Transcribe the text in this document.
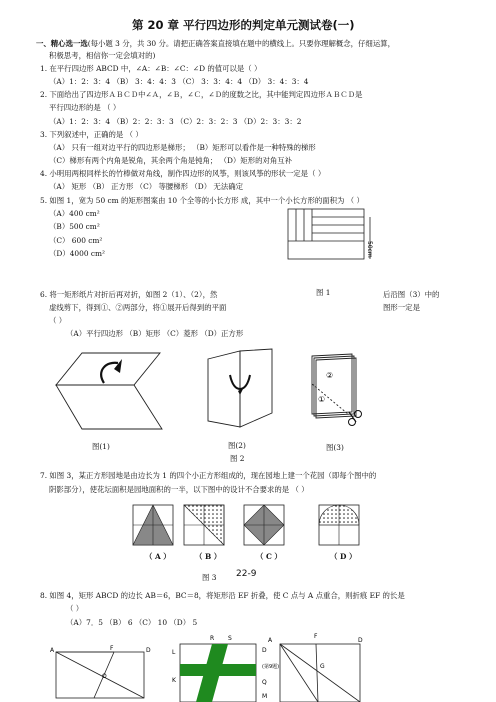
第 20 章 平行四边形的判定单元测试卷(一)
一、精心选一选(每小题 3 分，共 30 分。请把正确答案直接填在题中的横线上。只要你理解概念，仔细运算，
积极思考，相信你一定会填对的)
1. 在平行四边形 ABCD 中，∠A：∠B：∠C：∠D 的值可以是（ ）
（A）1：2：3：4 （B） 3：4：4：3 （C） 3：3：4：4 （D） 3：4：3：4
2. 下面给出了四边形ＡＢＣＤ中∠Ａ，∠Ｂ，∠Ｃ，∠Ｄ的度数之比，其中能判定四边形ＡＢＣＤ是
平行四边形的是 （ ）
（A）1：2：3：4 （B）2：2：3：3 （C）2：3：2：3 （D）2：3：3：2
3. 下列叙述中，正确的是 （ ）
（A） 只有一组对边平行的四边形是梯形； （B）矩形可以看作是一种特殊的梯形
（C）梯形有两个内角是锐角，其余两个角是钝角； （D）矩形的对角互补
4. 小明用两根同样长的竹棒做对角线，制作四边形的风筝，则该风筝的形状一定是（ ）
（A） 矩形 （B） 正方形 （C） 等腰梯形 （D） 无法确定
5. 如图 1，宽为 50 cm 的矩形图案由 10 个全等的小长方形 成，其中一个小长方形的面积为 （ ）
（A）400 cm²
（B）500 cm²
（C） 600 cm²
（D）4000 cm²	50cm
图 1
6. 将一矩形纸片对折后再对折，如图 2（1）、（2），然
虚线剪下，得到①、②两部分，将①展开后得到的平面
（ ）
后沿图（3）中的
图形一定是
（A）平行四边形 （B）矩形 （C）菱形 （D）正方形
图(1)	图(2)
②
①
图(3)
图 2
7. 如图 3，某正方形园地是由边长为 1 的四个小正方形组成的，现在园地上建一个花园（即每个图中的
阴影部分），使花坛面积是园地面积的一半，以下图中的设计不合要求的是 （ ）
（ A ）	（ B ）	（ C ）	（ D ）
图 3 22-9
8. 如图 4，矩形 ABCD 的边长 AB＝6，BC＝8，将矩形沿 EF 折叠，使 C 点与 A 点重合，则折痕 EF 的长是
（ ）
（A）7．5 （B） 6 （C） 10 （D） 5
A	F	D
O
R S
L
K
A
F
D
D
(第9题)
Q
M
G
